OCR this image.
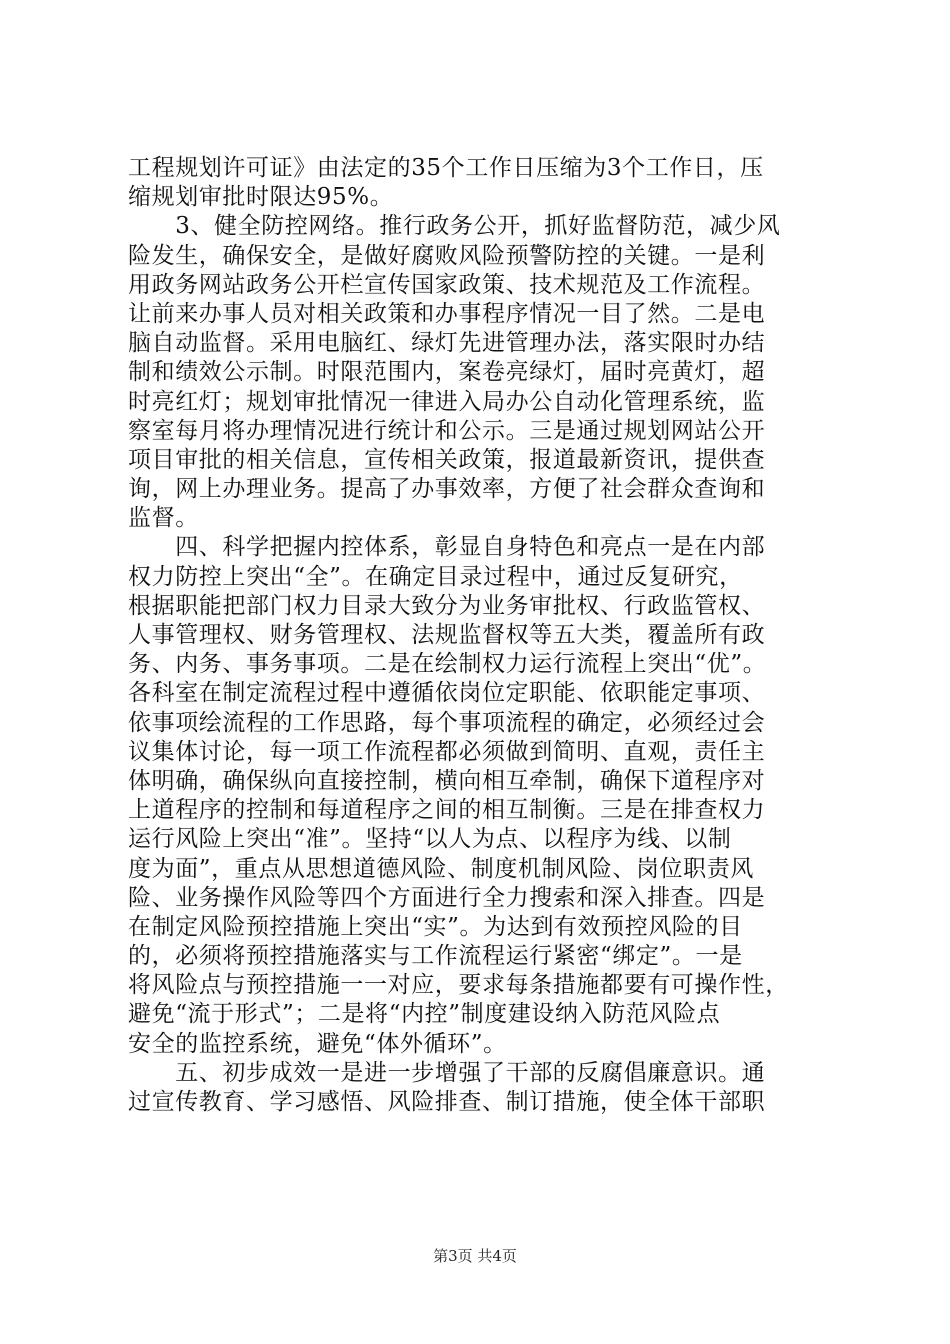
工程规划许可证》由法定的35个工作日压缩为3个工作日，压
缩规划审批时限达95%。
　　3、健全防控网络。推行政务公开，抓好监督防范，减少风
险发生，确保安全，是做好腐败风险预警防控的关键。一是利
用政务网站政务公开栏宣传国家政策、技术规范及工作流程。
让前来办事人员对相关政策和办事程序情况一目了然。二是电
脑自动监督。采用电脑红、绿灯先进管理办法，落实限时办结
制和绩效公示制。时限范围内，案卷亮绿灯，届时亮黄灯，超
时亮红灯；规划审批情况一律进入局办公自动化管理系统，监
察室每月将办理情况进行统计和公示。三是通过规划网站公开
项目审批的相关信息，宣传相关政策，报道最新资讯，提供查
询，网上办理业务。提高了办事效率，方便了社会群众查询和
监督。
　　四、科学把握内控体系，彰显自身特色和亮点一是在内部
权力防控上突出“全”。在确定目录过程中，通过反复研究，
根据职能把部门权力目录大致分为业务审批权、行政监管权、
人事管理权、财务管理权、法规监督权等五大类，覆盖所有政
务、内务、事务事项。二是在绘制权力运行流程上突出“优”。
各科室在制定流程过程中遵循依岗位定职能、依职能定事项、
依事项绘流程的工作思路，每个事项流程的确定，必须经过会
议集体讨论，每一项工作流程都必须做到简明、直观，责任主
体明确，确保纵向直接控制，横向相互牵制，确保下道程序对
上道程序的控制和每道程序之间的相互制衡。三是在排查权力
运行风险上突出“准”。坚持“以人为点、以程序为线、以制
度为面”，重点从思想道德风险、制度机制风险、岗位职责风
险、业务操作风险等四个方面进行全力搜索和深入排查。四是
在制定风险预控措施上突出“实”。为达到有效预控风险的目
的，必须将预控措施落实与工作流程运行紧密“绑定”。一是
将风险点与预控措施一一对应，要求每条措施都要有可操作性，
避免“流于形式”；二是将“内控”制度建设纳入防范风险点
安全的监控系统，避免“体外循环”。
　　五、初步成效一是进一步增强了干部的反腐倡廉意识。通
过宣传教育、学习感悟、风险排查、制订措施，使全体干部职
第3页 共4页
